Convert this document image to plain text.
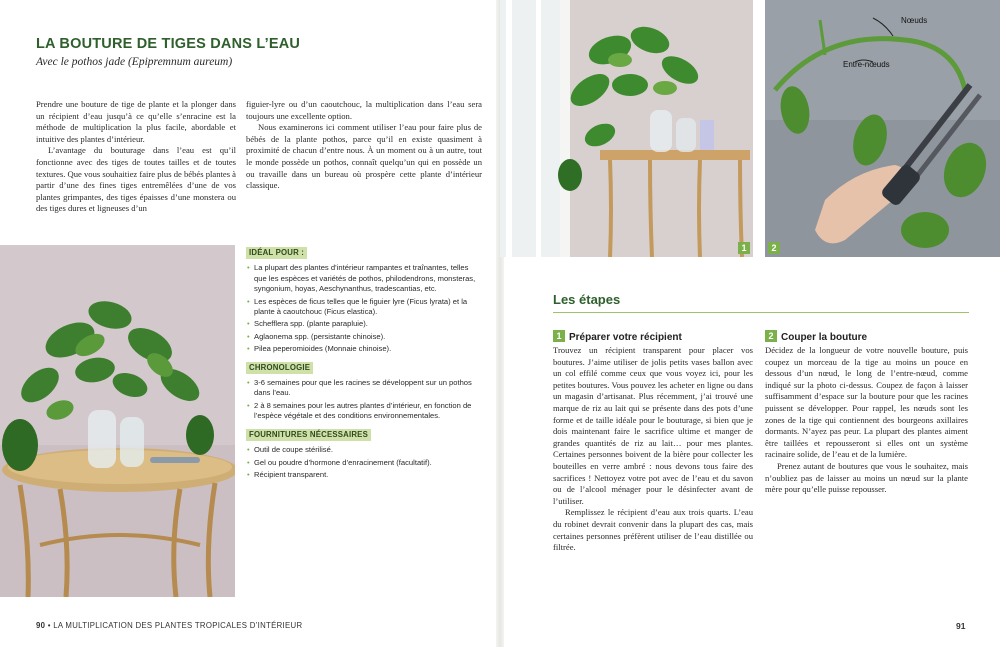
LA BOUTURE DE TIGES DANS L’EAU
Avec le pothos jade (Epipremnum aureum)

Prendre une bouture de tige de plante et la plonger dans un récipient d’eau jusqu’à ce qu’elle s’enracine est la méthode de multiplication la plus facile, abordable et intuitive des plantes d’intérieur.

L’avantage du bouturage dans l’eau est qu’il fonctionne avec des tiges de toutes tailles et de toutes textures. Que vous souhaitiez faire plus de bébés plantes à partir d’une des fines tiges entremêlées d’une de vos plantes grimpantes, des tiges épaisses d’une monstera ou des tiges dures et ligneuses d’un

figuier-lyre ou d’un caoutchouc, la multiplication dans l’eau sera toujours une excellente option.

Nous examinerons ici comment utiliser l’eau pour faire plus de bébés de la plante pothos, parce qu’il en existe quasiment à proximité de chacun d’entre nous. À un moment ou à un autre, tout le monde possède un pothos, connaît quelqu’un qui en possède un ou travaille dans un bureau où prospère cette plante d’intérieur classique.

IDÉAL POUR :
• La plupart des plantes d’intérieur rampantes et traînantes, telles que les espèces et variétés de pothos, philodendrons, monsteras, syngonium, hoyas, Aeschynanthus, tradescantias, etc.
• Les espèces de ficus telles que le figuier lyre (Ficus lyrata) et la plante à caoutchouc (Ficus elastica).
• Schefflera spp. (plante parapluie).
• Aglaonema spp. (persistante chinoise).
• Pilea peperomioides (Monnaie chinoise).
CHRONOLOGIE
• 3-6 semaines pour que les racines se développent sur un pothos dans l’eau.
• 2 à 8 semaines pour les autres plantes d’intérieur, en fonction de l’espèce végétale et des conditions environnementales.
FOURNITURES NÉCESSAIRES
• Outil de coupe stérilisé.
• Gel ou poudre d’hormone d’enracinement (facultatif).
• Récipient transparent.
90 • LA MULTIPLICATION DES PLANTES TROPICALES D’INTÉRIEUR
1
Nœuds
Entre-nœuds
2
Les étapes
1 Préparer votre récipient

Trouvez un récipient transparent pour placer vos boutures. J’aime utiliser de jolis petits vases ballon avec un col effilé comme ceux que vous voyez ici, pour les petites boutures. Vous pouvez les acheter en ligne ou dans un magasin d’artisanat. Plus récemment, j’ai trouvé une marque de riz au lait qui se présente dans des pots d’une forme et de taille idéale pour le bouturage, si bien que je dois maintenant faire le sacrifice ultime et manger de grandes quantités de riz au lait… pour mes plantes. Certaines personnes boivent de la bière pour collecter les bouteilles en verre ambré : nous devons tous faire des sacrifices ! Nettoyez votre pot avec de l’eau et du savon ou de l’alcool ménager pour le désinfecter avant de l’utiliser.

Remplissez le récipient d’eau aux trois quarts. L’eau du robinet devrait convenir dans la plupart des cas, mais certaines personnes préfèrent utiliser de l’eau distillée ou filtrée.

2 Couper la bouture

Décidez de la longueur de votre nouvelle bouture, puis coupez un morceau de la tige au moins un pouce en dessous d’un nœud, le long de l’entre-nœud, comme indiqué sur la photo ci-dessus. Coupez de façon à laisser suffisamment d’espace sur la bouture pour que les racines puissent se développer. Pour rappel, les nœuds sont les zones de la tige qui contiennent des bourgeons axillaires dormants. N’ayez pas peur. La plupart des plantes aiment être taillées et repousseront si elles ont un système racinaire solide, de l’eau et de la lumière.

Prenez autant de boutures que vous le souhaitez, mais n’oubliez pas de laisser au moins un nœud sur la plante mère pour qu’elle puisse repousser.

91
